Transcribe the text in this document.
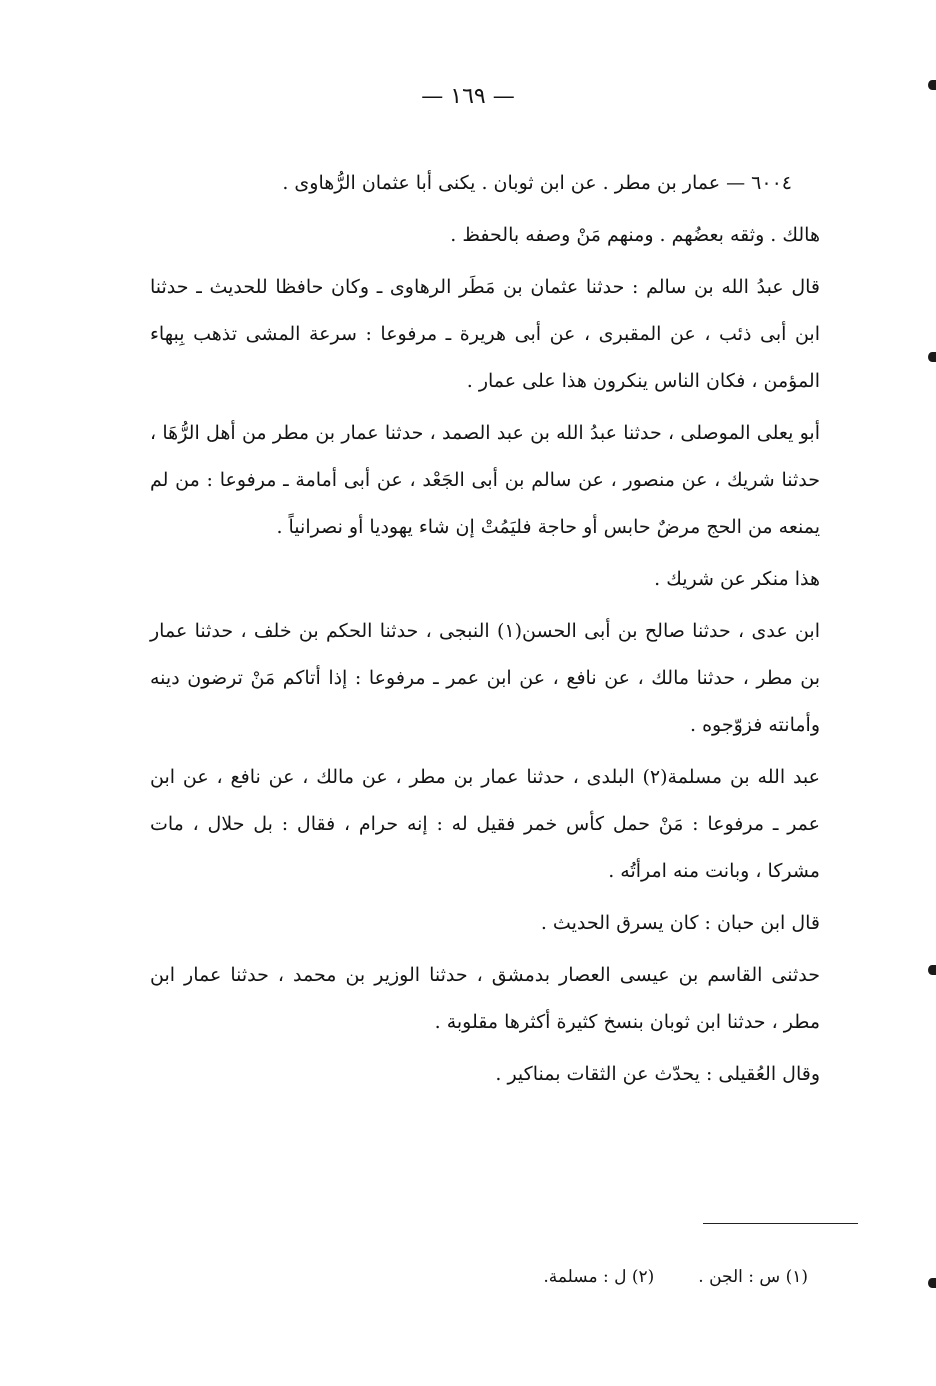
— ١٦٩ —

٦٠٠٤ — عمار بن مطر . عن ابن ثوبان . يكنى أبا عثمان الرُّهاوى .

هالك . وثقه بعضُهم . ومنهم مَنْ وصفه بالحفظ .

قال عبدُ الله بن سالم : حدثنا عثمان بن مَطَر الرهاوى ـ وكان حافظا للحديث ـ حدثنا ابن أبى ذئب ، عن المقبرى ، عن أبى هريرة ـ مرفوعا : سرعة المشى تذهب بِبهاء المؤمن ، فكان الناس ينكرون هذا على عمار .

أبو يعلى الموصلى ، حدثنا عبدُ الله بن عبد الصمد ، حدثنا عمار بن مطر من أهل الرُّهَا ، حدثنا شريك ، عن منصور ، عن سالم بن أبى الجَعْد ، عن أبى أمامة ـ مرفوعا : من لم يمنعه من الحج مرضٌ حابس أو حاجة فليَمُتْ إن شاء يهوديا أو نصرانياً .

هذا منكر عن شريك .

ابن عدى ، حدثنا صالح بن أبى الحسن(١) النبجى ، حدثنا الحكم بن خلف ، حدثنا عمار بن مطر ، حدثنا مالك ، عن نافع ، عن ابن عمر ـ مرفوعا : إذا أتاكم مَنْ ترضون دينه وأمانته فزوّجوه .

عبد الله بن مسلمة(٢) البلدى ، حدثنا عمار بن مطر ، عن مالك ، عن نافع ، عن ابن عمر ـ مرفوعا : مَنْ حمل كأس خمر فقيل له : إنه حرام ، فقال : بل حلال ، مات مشركا ، وبانت منه امرأتُه .

قال ابن حبان : كان يسرق الحديث .

حدثنى القاسم بن عيسى العصار بدمشق ، حدثنا الوزير بن محمد ، حدثنا عمار ابن مطر ، حدثنا ابن ثوبان بنسخ كثيرة أكثرها مقلوبة .

وقال العُقيلى : يحدّث عن الثقات بمناكير .

(١) س : الجن .(٢) ل : مسلمة.
